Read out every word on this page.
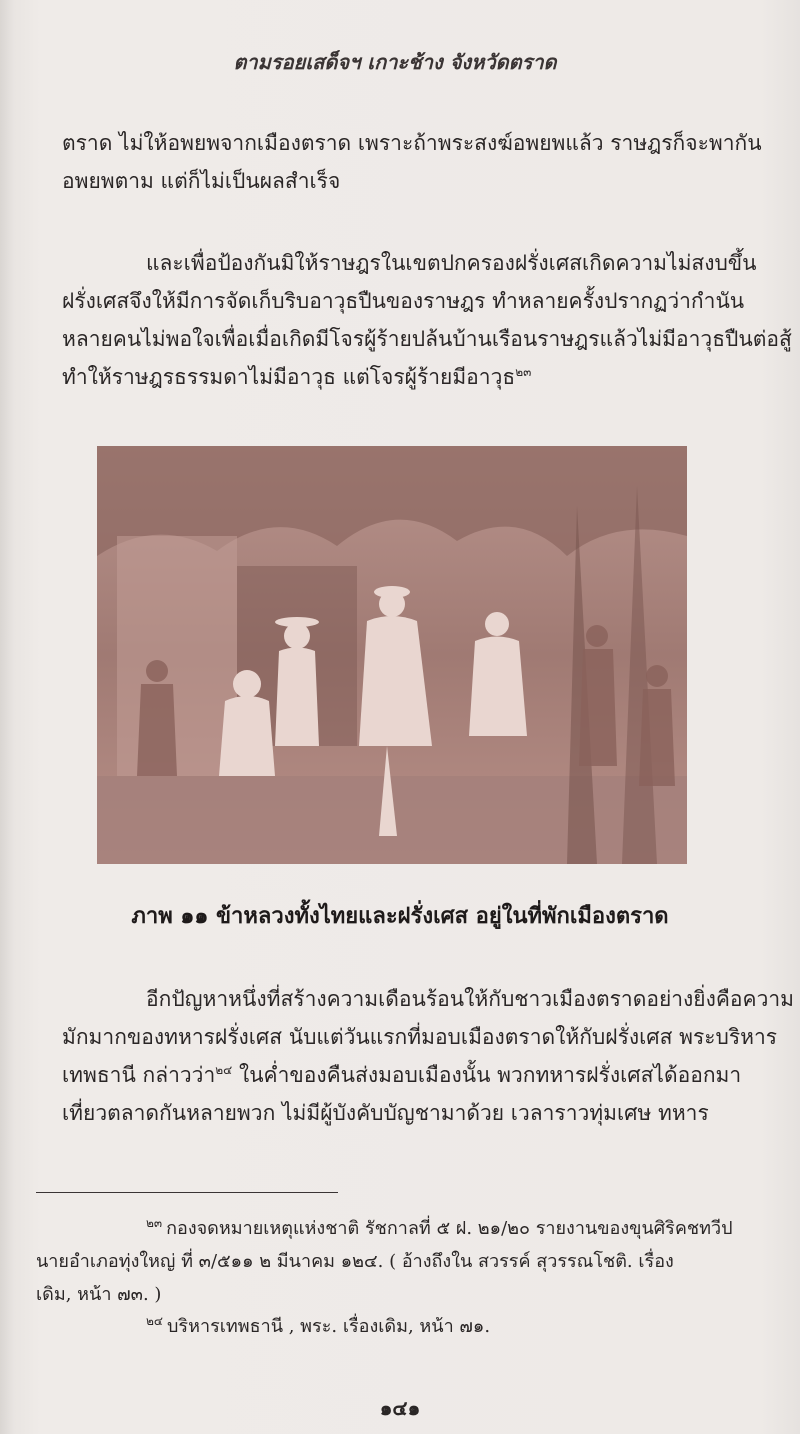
ตามรอยเสด็จฯ เกาะช้าง จังหวัดตราด
ตราด ไม่ให้อพยพจากเมืองตราด เพราะถ้าพระสงฆ์อพยพแล้ว ราษฎรก็จะพากัน
อพยพตาม แต่ก็ไม่เป็นผลสำเร็จ
และเพื่อป้องกันมิให้ราษฎรในเขตปกครองฝรั่งเศสเกิดความไม่สงบขึ้น
ฝรั่งเศสจึงให้มีการจัดเก็บริบอาวุธปืนของราษฎร ทำหลายครั้งปรากฏว่ากำนัน
หลายคนไม่พอใจเพื่อเมื่อเกิดมีโจรผู้ร้ายปล้นบ้านเรือนราษฎรแล้วไม่มีอาวุธปืนต่อสู้
ทำให้ราษฎรธรรมดาไม่มีอาวุธ แต่โจรผู้ร้ายมีอาวุธ$^{๒๓}$
ภาพ ๑๑ ข้าหลวงทั้งไทยและฝรั่งเศส อยู่ในที่พักเมืองตราด
อีกปัญหาหนึ่งที่สร้างความเดือนร้อนให้กับชาวเมืองตราดอย่างยิ่งคือความ
มักมากของทหารฝรั่งเศส นับแต่วันแรกที่มอบเมืองตราดให้กับฝรั่งเศส พระบริหาร
เทพธานี กล่าวว่า$^{๒๔}$ ในค่ำของคืนส่งมอบเมืองนั้น พวกทหารฝรั่งเศสได้ออกมา
เที่ยวตลาดกันหลายพวก ไม่มีผู้บังคับบัญชามาด้วย เวลาราวทุ่มเศษ ทหาร
$^{๒๓}$ กองจดหมายเหตุแห่งชาติ รัชกาลที่ ๕ ฝ. ๒๑/๒๐ รายงานของขุนศิริคชทวีป
นายอำเภอทุ่งใหญ่ ที่ ๓/๕๑๑ ๒ มีนาคม ๑๒๔. ( อ้างถึงใน สวรรค์ สุวรรณโชติ. เรื่อง
เดิม, หน้า ๗๓. )
$^{๒๔}$ บริหารเทพธานี , พระ. เรื่องเดิม, หน้า ๗๑.
๑๔๑
